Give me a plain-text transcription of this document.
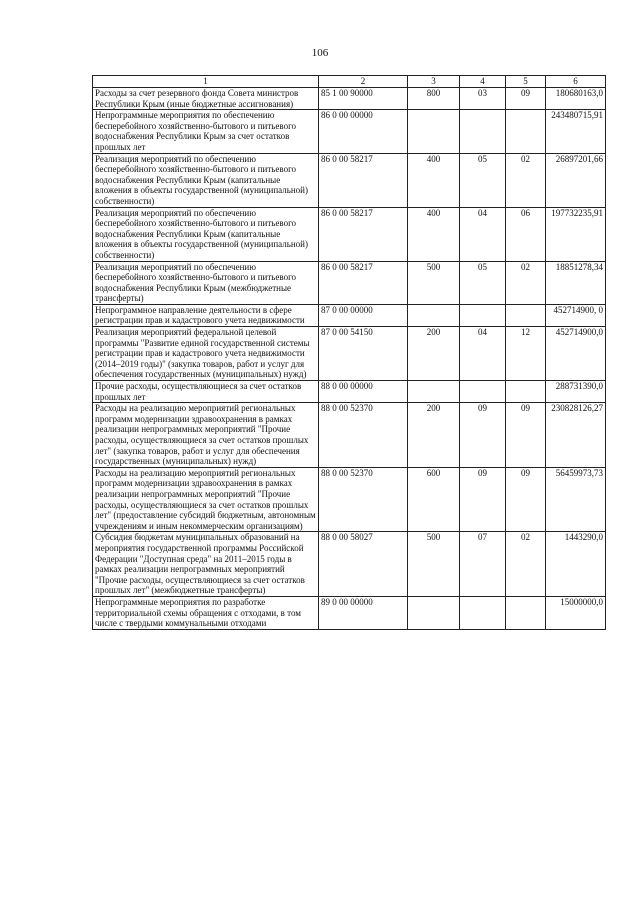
106
1	2	3	4	5	6
Расходы за счет резервного фонда Совета министров Республики Крым (иные бюджетные ассигнования)	85 1 00 90000	800	03	09	180680163,0
Непрограммные мероприятия по обеспечению бесперебойного хозяйственно-бытового и питьевого водоснабжения Республики Крым за счет остатков прошлых лет	86 0 00 00000				243480715,91
Реализация мероприятий по обеспечению бесперебойного хозяйственно-бытового и питьевого водоснабжения Республики Крым (капитальные вложения в объекты государственной (муниципальной) собственности)	86 0 00 58217	400	05	02	26897201,66
Реализация мероприятий по обеспечению бесперебойного хозяйственно-бытового и питьевого водоснабжения Республики Крым (капитальные вложения в объекты государственной (муниципальной) собственности)	86 0 00 58217	400	04	06	197732235,91
Реализация мероприятий по обеспечению бесперебойного хозяйственно-бытового и питьевого водоснабжения Республики Крым (межбюджетные трансферты)	86 0 00 58217	500	05	02	18851278,34
Непрограммное направление деятельности в сфере регистрации прав и кадастрового учета недвижимости	87 0 00 00000				452714900, 0
Реализация мероприятий федеральной целевой программы "Развитие единой государственной системы регистрации прав и кадастрового учета недвижимости (2014–2019 годы)" (закупка товаров, работ и услуг для обеспечения государственных (муниципальных) нужд)	87 0 00 54150	200	04	12	452714900,0
Прочие расходы, осуществляющиеся за счет остатков прошлых лет	88 0 00 00000				288731390,0
Расходы на реализацию мероприятий региональных программ модернизации здравоохранения в рамках реализации непрограммных мероприятий "Прочие расходы, осуществляющиеся за счет остатков прошлых лет" (закупка товаров, работ и услуг для обеспечения государственных (муниципальных) нужд)	88 0 00 52370	200	09	09	230828126,27
Расходы на реализацию мероприятий региональных программ модернизации здравоохранения в рамках реализации непрограммных мероприятий "Прочие расходы, осуществляющиеся за счет остатков прошлых лет" (предоставление субсидий бюджетным, автономным учреждениям и иным некоммерческим организациям)	88 0 00 52370	600	09	09	56459973,73
Субсидия бюджетам муниципальных образований на мероприятия государственной программы Российской Федерации "Доступная среда" на 2011–2015 годы в рамках реализации непрограммных мероприятий "Прочие расходы, осуществляющиеся за счет остатков прошлых лет" (межбюджетные трансферты)	88 0 00 58027	500	07	02	1443290,0
Непрограммные мероприятия по разработке территориальной схемы обращения с отходами, в том числе с твердыми коммунальными отходами	89 0 00 00000				15000000,0
